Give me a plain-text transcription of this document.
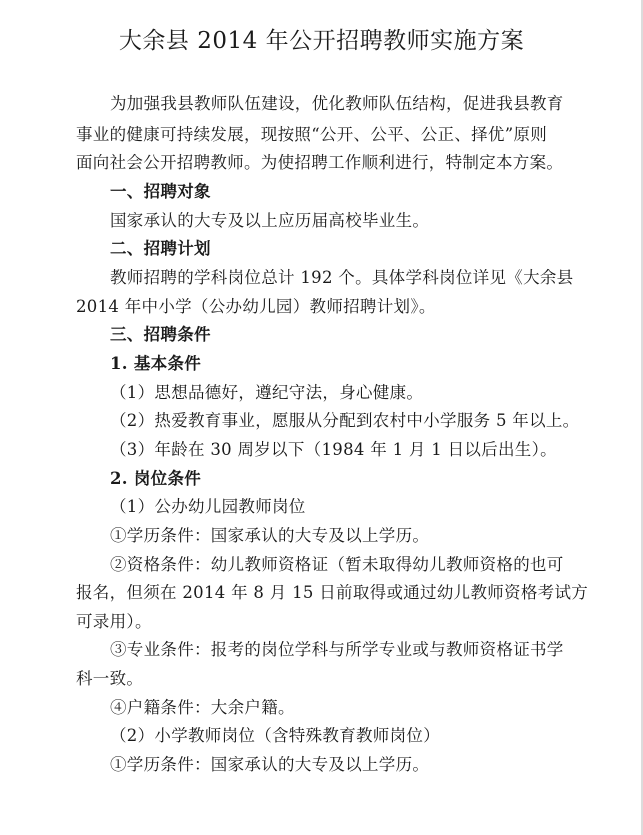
大余县 2014 年公开招聘教师实施方案
为加强我县教师队伍建设，优化教师队伍结构，促进我县教育
事业的健康可持续发展，现按照“公开、公平、公正、择优”原则
面向社会公开招聘教师。为使招聘工作顺利进行，特制定本方案。
一、招聘对象
国家承认的大专及以上应历届高校毕业生。
二、招聘计划
教师招聘的学科岗位总计 192 个。具体学科岗位详见《大余县
2014 年中小学（公办幼儿园）教师招聘计划》。
三、招聘条件
1. 基本条件
（1）思想品德好，遵纪守法，身心健康。
（2）热爱教育事业，愿服从分配到农村中小学服务 5 年以上。
（3）年龄在 30 周岁以下（1984 年 1 月 1 日以后出生）。
2. 岗位条件
（1）公办幼儿园教师岗位
①学历条件：国家承认的大专及以上学历。
②资格条件：幼儿教师资格证（暂未取得幼儿教师资格的也可
报名，但须在 2014 年 8 月 15 日前取得或通过幼儿教师资格考试方
可录用）。
③专业条件：报考的岗位学科与所学专业或与教师资格证书学
科一致。
④户籍条件：大余户籍。
（2）小学教师岗位（含特殊教育教师岗位）
①学历条件：国家承认的大专及以上学历。
